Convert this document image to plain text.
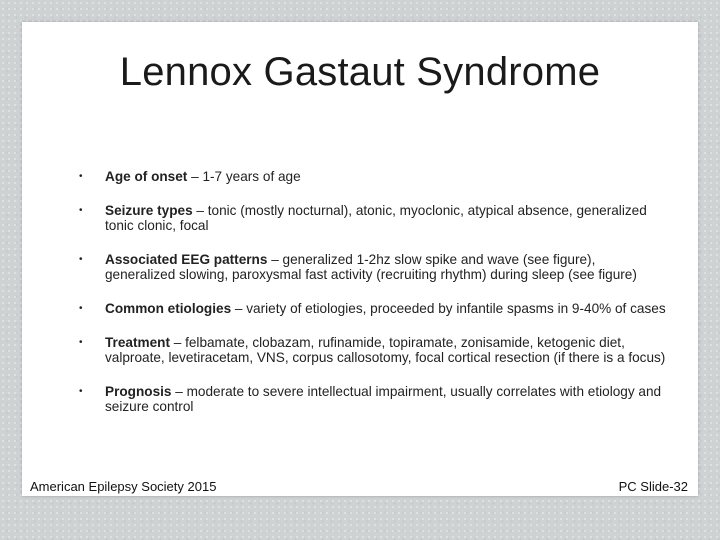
Lennox Gastaut Syndrome
• Age of onset – 1-7 years of age
• Seizure types – tonic (mostly nocturnal), atonic, myoclonic, atypical absence, generalized tonic clonic, focal
• Associated EEG patterns – generalized 1-2hz slow spike and wave (see figure), generalized slowing, paroxysmal fast activity (recruiting rhythm) during sleep (see figure)
• Common etiologies – variety of etiologies, proceeded by infantile spasms in 9-40% of cases
• Treatment – felbamate, clobazam, rufinamide, topiramate, zonisamide, ketogenic diet, valproate, levetiracetam, VNS, corpus callosotomy, focal cortical resection (if there is a focus)
• Prognosis – moderate to severe intellectual impairment, usually correlates with etiology and seizure control
American Epilepsy Society 2015	PC Slide-32
